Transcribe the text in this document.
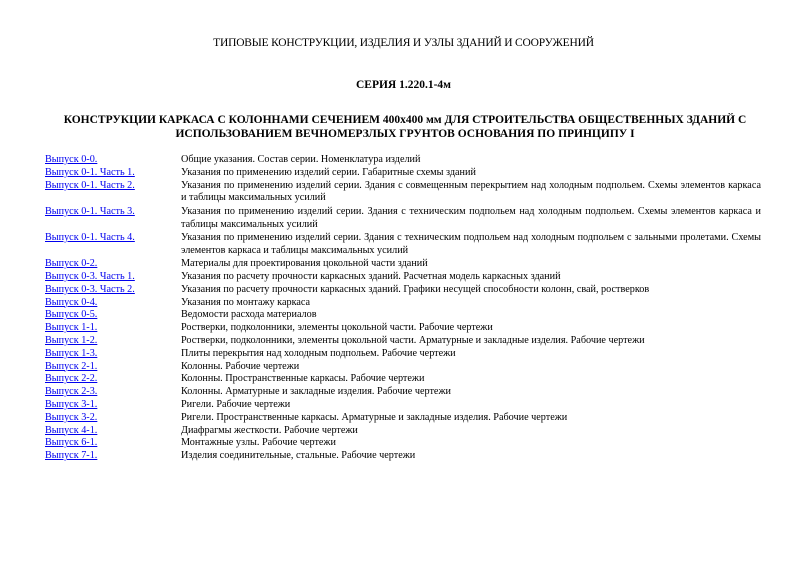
ТИПОВЫЕ КОНСТРУКЦИИ, ИЗДЕЛИЯ И УЗЛЫ ЗДАНИЙ И СООРУЖЕНИЙ
СЕРИЯ 1.220.1-4м
КОНСТРУКЦИИ КАРКАСА С КОЛОННАМИ СЕЧЕНИЕМ 400х400 мм ДЛЯ СТРОИТЕЛЬСТВА ОБЩЕСТВЕННЫХ ЗДАНИЙ С ИСПОЛЬЗОВАНИЕМ ВЕЧНОМЕРЗЛЫХ ГРУНТОВ ОСНОВАНИЯ ПО ПРИНЦИПУ I
Выпуск 0-0.	Общие указания. Состав серии. Номенклатура изделий
Выпуск 0-1. Часть 1.	Указания по применению изделий серии. Габаритные схемы зданий
Выпуск 0-1. Часть 2.	Указания по применению изделий серии. Здания с совмещенным перекрытием над холодным подпольем. Схемы элементов каркаса и таблицы максимальных усилий
Выпуск 0-1. Часть 3.	Указания по применению изделий серии. Здания с техническим подпольем над холодным подпольем. Схемы элементов каркаса и таблицы максимальных усилий
Выпуск 0-1. Часть 4.	Указания по применению изделий серии. Здания с техническим подпольем над холодным подпольем с зальными пролетами. Схемы элементов каркаса и таблицы максимальных усилий
Выпуск 0-2.	Материалы для проектирования цокольной части зданий
Выпуск 0-3. Часть 1.	Указания по расчету прочности каркасных зданий. Расчетная модель каркасных зданий
Выпуск 0-3. Часть 2.	Указания по расчету прочности каркасных зданий. Графики несущей способности колонн, свай, ростверков
Выпуск 0-4.	Указания по монтажу каркаса
Выпуск 0-5.	Ведомости расхода материалов
Выпуск 1-1.	Ростверки, подколонники, элементы цокольной части. Рабочие чертежи
Выпуск 1-2.	Ростверки, подколонники, элементы цокольной части. Арматурные и закладные изделия. Рабочие чертежи
Выпуск 1-3.	Плиты перекрытия над холодным подпольем. Рабочие чертежи
Выпуск 2-1.	Колонны. Рабочие чертежи
Выпуск 2-2.	Колонны. Пространственные каркасы. Рабочие чертежи
Выпуск 2-3.	Колонны. Арматурные и закладные изделия. Рабочие чертежи
Выпуск 3-1.	Ригели. Рабочие чертежи
Выпуск 3-2.	Ригели. Пространственные каркасы. Арматурные и закладные изделия. Рабочие чертежи
Выпуск 4-1.	Диафрагмы жесткости. Рабочие чертежи
Выпуск 6-1.	Монтажные узлы. Рабочие чертежи
Выпуск 7-1.	Изделия соединительные, стальные. Рабочие чертежи
